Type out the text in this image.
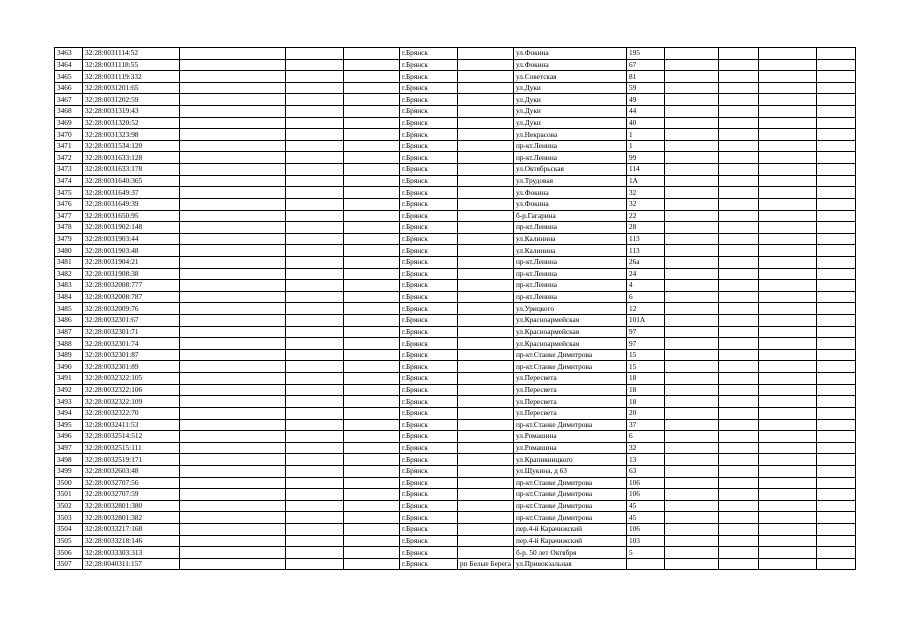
3463	32:28:0031114:52				г.Брянск		ул.Фокина	195				
3464	32:28:0031118:55				г.Брянск		ул.Фокина	67				
3465	32:28:0031119:332				г.Брянск		ул.Советская	81				
3466	32:28:0031201:65				г.Брянск		ул.Дуки	59				
3467	32:28:0031202:59				г.Брянск		ул.Дуки	49				
3468	32:28:0031319:43				г.Брянск		ул.Дуки	44				
3469	32:28:0031320:52				г.Брянск		ул.Дуки	40				
3470	32:28:0031323:98				г.Брянск		ул.Некрасова	1				
3471	32:28:0031534:120				г.Брянск		пр-кт.Ленина	1				
3472	32:28:0031633:128				г.Брянск		пр-кт.Ленина	99				
3473	32:28:0031633:178				г.Брянск		ул.Октябрьская	114				
3474	32:28:0031640:365				г.Брянск		ул.Трудовая	1А				
3475	32:28:0031649:37				г.Брянск		ул.Фокина	32				
3476	32:28:0031649:39				г.Брянск		ул.Фокина	32				
3477	32:28:0031650:95				г.Брянск		б-р.Гагарина	22				
3478	32:28:0031902:148				г.Брянск		пр-кт.Ленина	28				
3479	32:28:0031903:44				г.Брянск		ул.Калинина	113				
3480	32:28:0031903:48				г.Брянск		ул.Калинина	113				
3481	32:28:0031904:21				г.Брянск		пр-кт.Ленина	26а				
3482	32:28:0031908:38				г.Брянск		пр-кт.Ленина	24				
3483	32:28:0032008:777				г.Брянск		пр-кт.Ленина	4				
3484	32:28:0032008:787				г.Брянск		пр-кт.Ленина	6				
3485	32:28:0032009:76				г.Брянск		ул.Урицкого	12				
3486	32:28:0032301:67				г.Брянск		ул.Красноармейская	101А				
3487	32:28:0032301:71				г.Брянск		ул.Красноармейская	97				
3488	32:28:0032301:74				г.Брянск		ул.Красноармейская	97				
3489	32:28:0032301:87				г.Брянск		пр-кт.Станке Димитрова	15				
3490	32:28:0032301:89				г.Брянск		пр-кт.Станке Димитрова	15				
3491	32:28:0032322:105				г.Брянск		ул.Пересвета	18				
3492	32:28:0032322:106				г.Брянск		ул.Пересвета	18				
3493	32:28:0032322:109				г.Брянск		ул.Пересвета	18				
3494	32:28:0032322:70				г.Брянск		ул.Пересвета	20				
3495	32:28:0032411:53				г.Брянск		пр-кт.Станке Димитрова	37				
3496	32:28:0032514:512				г.Брянск		ул.Ромашина	6				
3497	32:28:0032515:111				г.Брянск		ул.Ромашина	32				
3498	32:28:0032519:171				г.Брянск		ул.Крапивницкого	13				
3499	32:28:0032603:48				г.Брянск		ул.Щукина, д 63	63				
3500	32:28:0032707:56				г.Брянск		пр-кт.Станке Димитрова	106				
3501	32:28:0032707:59				г.Брянск		пр-кт.Станке Димитрова	106				
3502	32:28:0032801:380				г.Брянск		пр-кт.Станке Димитрова	45				
3503	32:28:0032801:382				г.Брянск		пр-кт.Станке Димитрова	45				
3504	32:28:0033217:168				г.Брянск		пер.4-й Карачижский	106				
3505	32:28:0033218:146				г.Брянск		пер.4-й Карачижский	103				
3506	32:28:0033303:313				г.Брянск		б-р. 50 лет Октября	5				
3507	32:28:0040311:157				г.Брянск	рп Белые Берега	ул.Привокзальная					
